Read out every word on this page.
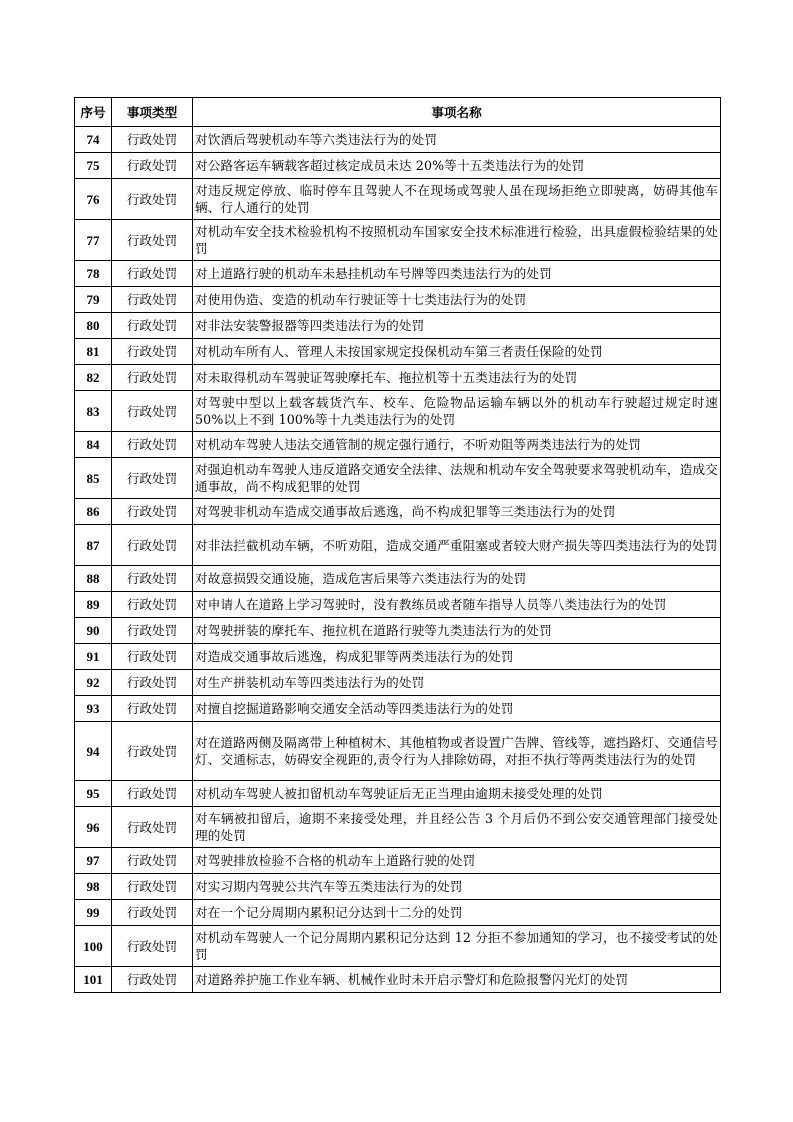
序号	事项类型	事项名称
74	行政处罚	对饮酒后驾驶机动车等六类违法行为的处罚
75	行政处罚	对公路客运车辆载客超过核定成员未达 20%等十五类违法行为的处罚
76	行政处罚	对违反规定停放、临时停车且驾驶人不在现场或驾驶人虽在现场拒绝立即驶离，妨碍其他车辆、行人通行的处罚
77	行政处罚	对机动车安全技术检验机构不按照机动车国家安全技术标准进行检验，出具虚假检验结果的处罚
78	行政处罚	对上道路行驶的机动车未悬挂机动车号牌等四类违法行为的处罚
79	行政处罚	对使用伪造、变造的机动车行驶证等十七类违法行为的处罚
80	行政处罚	对非法安装警报器等四类违法行为的处罚
81	行政处罚	对机动车所有人、管理人未按国家规定投保机动车第三者责任保险的处罚
82	行政处罚	对未取得机动车驾驶证驾驶摩托车、拖拉机等十五类违法行为的处罚
83	行政处罚	对驾驶中型以上载客载货汽车、校车、危险物品运输车辆以外的机动车行驶超过规定时速 50%以上不到 100%等十九类违法行为的处罚
84	行政处罚	对机动车驾驶人违法交通管制的规定强行通行，不听劝阻等两类违法行为的处罚
85	行政处罚	对强迫机动车驾驶人违反道路交通安全法律、法规和机动车安全驾驶要求驾驶机动车，造成交通事故，尚不构成犯罪的处罚
86	行政处罚	对驾驶非机动车造成交通事故后逃逸，尚不构成犯罪等三类违法行为的处罚
87	行政处罚	对非法拦截机动车辆，不听劝阻，造成交通严重阻塞或者较大财产损失等四类违法行为的处罚
88	行政处罚	对故意损毁交通设施，造成危害后果等六类违法行为的处罚
89	行政处罚	对申请人在道路上学习驾驶时，没有教练员或者随车指导人员等八类违法行为的处罚
90	行政处罚	对驾驶拼装的摩托车、拖拉机在道路行驶等九类违法行为的处罚
91	行政处罚	对造成交通事故后逃逸，构成犯罪等两类违法行为的处罚
92	行政处罚	对生产拼装机动车等四类违法行为的处罚
93	行政处罚	对擅自挖掘道路影响交通安全活动等四类违法行为的处罚
94	行政处罚	对在道路两侧及隔离带上种植树木、其他植物或者设置广告牌、管线等，遮挡路灯、交通信号灯、交通标志，妨碍安全视距的,责令行为人排除妨碍，对拒不执行等两类违法行为的处罚
95	行政处罚	对机动车驾驶人被扣留机动车驾驶证后无正当理由逾期未接受处理的处罚
96	行政处罚	对车辆被扣留后，逾期不来接受处理，并且经公告 3 个月后仍不到公安交通管理部门接受处理的处罚
97	行政处罚	对驾驶排放检验不合格的机动车上道路行驶的处罚
98	行政处罚	对实习期内驾驶公共汽车等五类违法行为的处罚
99	行政处罚	对在一个记分周期内累积记分达到十二分的处罚
100	行政处罚	对机动车驾驶人一个记分周期内累积记分达到 12 分拒不参加通知的学习，也不接受考试的处罚
101	行政处罚	对道路养护施工作业车辆、机械作业时未开启示警灯和危险报警闪光灯的处罚
